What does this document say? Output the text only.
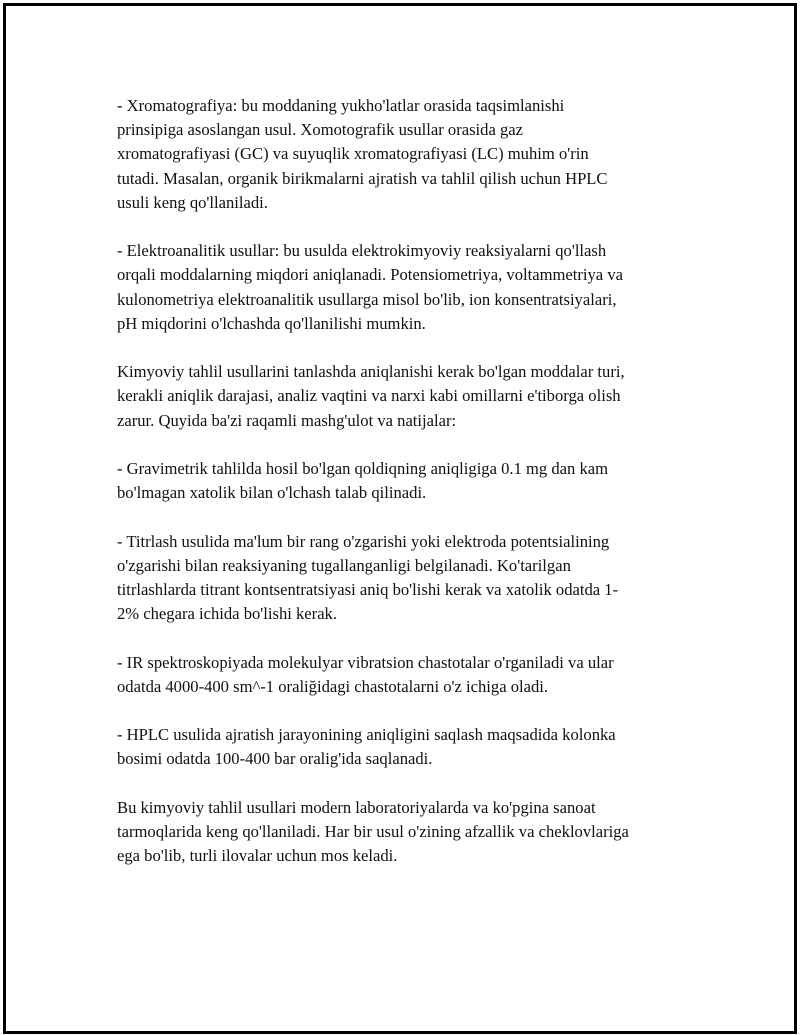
- Xromatografiya: bu moddaning yukho'latlar orasida taqsimlanishi
prinsipiga asoslangan usul. Xomotografik usullar orasida gaz
xromatografiyasi (GC) va suyuqlik xromatografiyasi (LC) muhim o'rin
tutadi. Masalan, organik birikmalarni ajratish va tahlil qilish uchun HPLC
usuli keng qo'llaniladi.

- Elektroanalitik usullar: bu usulda elektrokimyoviy reaksiyalarni qo'llash
orqali moddalarning miqdori aniqlanadi. Potensiometriya, voltammetriya va
kulonometriya elektroanalitik usullarga misol bo'lib, ion konsentratsiyalari,
pH miqdorini o'lchashda qo'llanilishi mumkin.

Kimyoviy tahlil usullarini tanlashda aniqlanishi kerak bo'lgan moddalar turi,
kerakli aniqlik darajasi, analiz vaqtini va narxi kabi omillarni e'tiborga olish
zarur. Quyida ba'zi raqamli mashg'ulot va natijalar:

- Gravimetrik tahlilda hosil bo'lgan qoldiqning aniqligiga 0.1 mg dan kam
bo'lmagan xatolik bilan o'lchash talab qilinadi.

- Titrlash usulida ma'lum bir rang o'zgarishi yoki elektroda potentsialining
o'zgarishi bilan reaksiyaning tugallanganligi belgilanadi. Ko'tarilgan
titrlashlarda titrant kontsentratsiyasi aniq bo'lishi kerak va xatolik odatda 1-
2% chegara ichida bo'lishi kerak.

- IR spektroskopiyada molekulyar vibratsion chastotalar o'rganiladi va ular
odatda 4000-400 sm^-1 oraliğidagi chastotalarni o'z ichiga oladi.

- HPLC usulida ajratish jarayonining aniqligini saqlash maqsadida kolonka
bosimi odatda 100-400 bar oralig'ida saqlanadi.

Bu kimyoviy tahlil usullari modern laboratoriyalarda va ko'pgina sanoat
tarmoqlarida keng qo'llaniladi. Har bir usul o'zining afzallik va cheklovlariga
ega bo'lib, turli ilovalar uchun mos keladi.
